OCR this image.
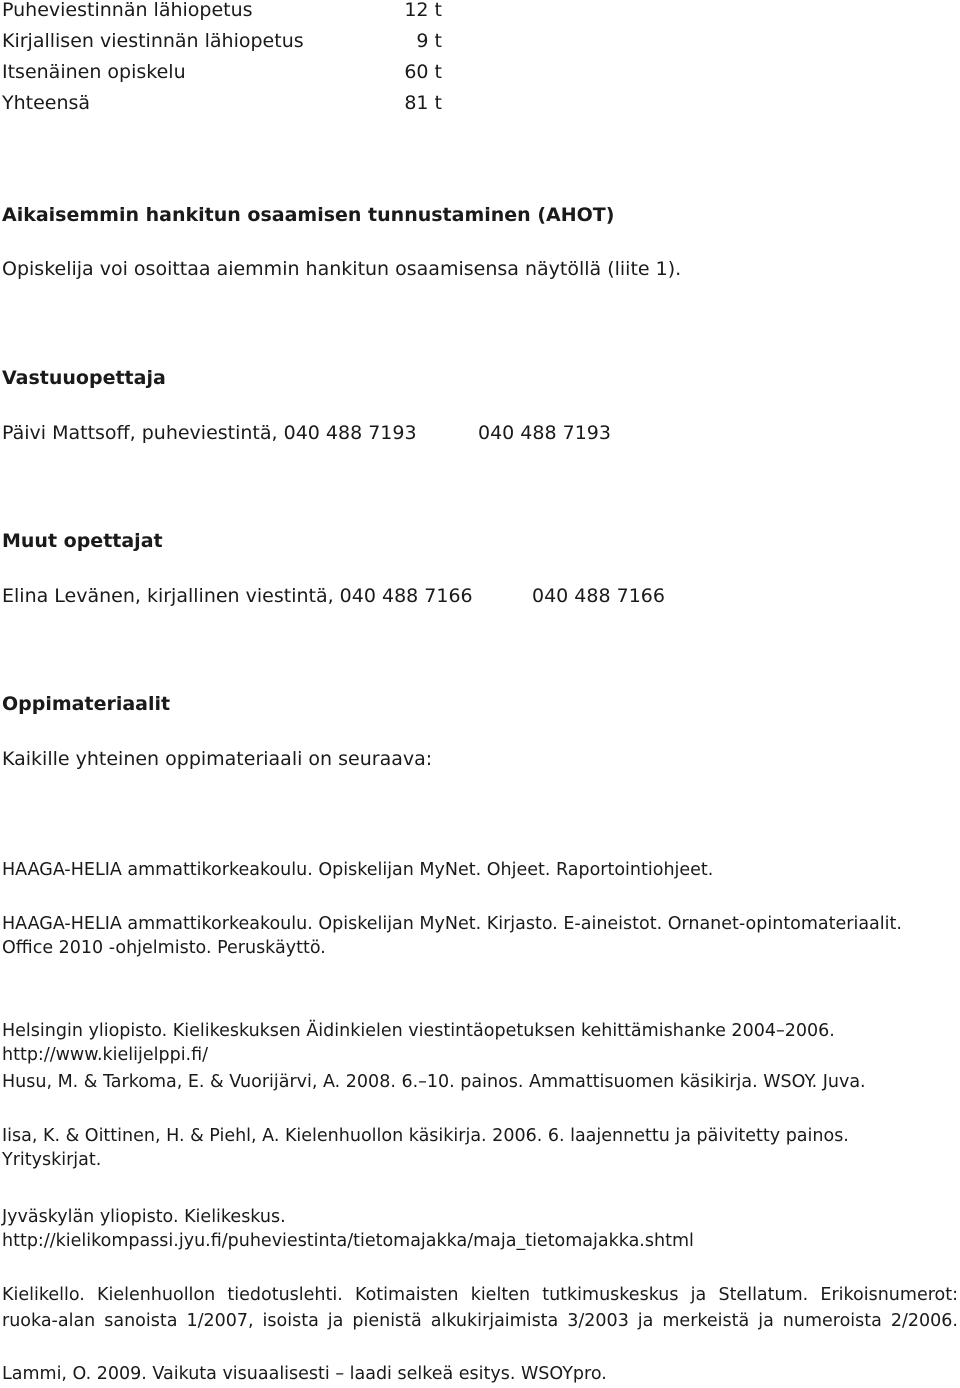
Puheviestinnän lähiopetus	12 t
Kirjallisen viestinnän lähiopetus	9 t
Itsenäinen opiskelu	60 t
Yhteensä	81 t
Aikaisemmin hankitun osaamisen tunnustaminen (AHOT)
Opiskelija voi osoittaa aiemmin hankitun osaamisensa näytöllä (liite 1).
Vastuuopettaja
Päivi Mattsoff, puheviestintä, 040 488 7193	040 488 7193
Muut opettajat
Elina Levänen, kirjallinen viestintä, 040 488 7166	040 488 7166
Oppimateriaalit
Kaikille yhteinen oppimateriaali on seuraava:
HAAGA-HELIA ammattikorkeakoulu. Opiskelijan MyNet. Ohjeet. Raportointiohjeet.
HAAGA-HELIA ammattikorkeakoulu. Opiskelijan MyNet. Kirjasto. E-aineistot. Ornanet-opintomateriaalit.
Office 2010 -ohjelmisto. Peruskäyttö.
Helsingin yliopisto. Kielikeskuksen Äidinkielen viestintäopetuksen kehittämishanke 2004–2006.
http://www.kielijelppi.fi/
Husu, M. & Tarkoma, E. & Vuorijärvi, A. 2008. 6.–10. painos. Ammattisuomen käsikirja. WSOY. Juva.
Iisa, K. & Oittinen, H. & Piehl, A. Kielenhuollon käsikirja. 2006. 6. laajennettu ja päivitetty painos.
Yrityskirjat.
Jyväskylän yliopisto. Kielikeskus.
http://kielikompassi.jyu.fi/puheviestinta/tietomajakka/maja_tietomajakka.shtml
Kielikello. Kielenhuollon tiedotuslehti. Kotimaisten kielten tutkimuskeskus ja Stellatum. Erikoisnumerot:
ruoka-alan sanoista 1/2007, isoista ja pienistä alkukirjaimista 3/2003 ja merkeistä ja numeroista 2/2006.
Lammi, O. 2009. Vaikuta visuaalisesti – laadi selkeä esitys. WSOYpro.
